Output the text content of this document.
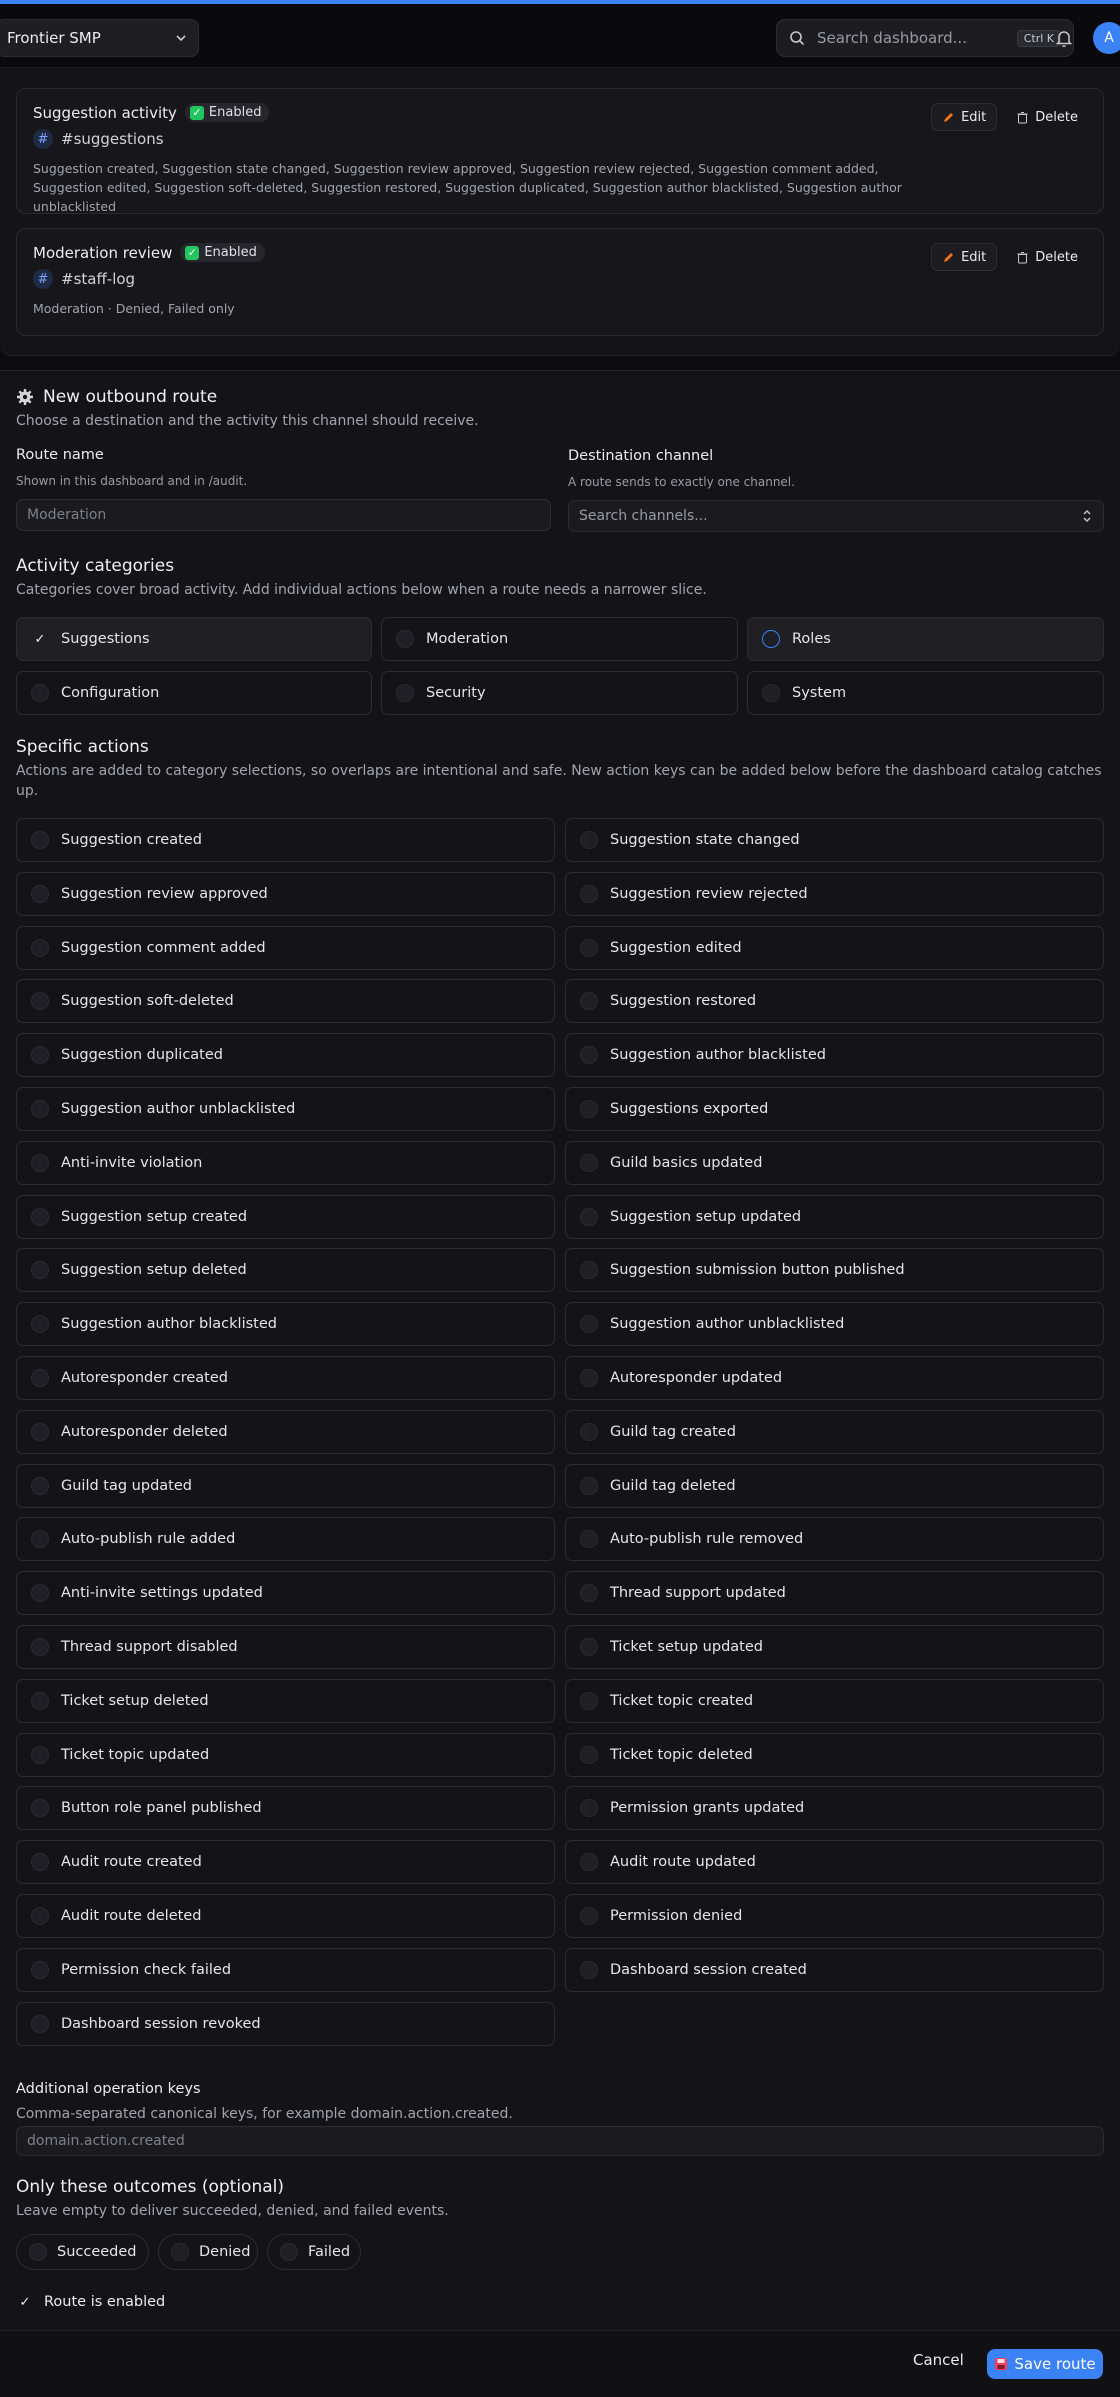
Frontier SMP	Search dashboard...	Ctrl K	A
Suggestion activity ✓ Enabled
# #suggestions
Suggestion created, Suggestion state changed, Suggestion review approved, Suggestion review rejected, Suggestion comment added, Suggestion edited, Suggestion soft-deleted, Suggestion restored, Suggestion duplicated, Suggestion author blacklisted, Suggestion author unblacklisted
Edit	Delete
Moderation review ✓ Enabled
# #staff-log
Moderation · Denied, Failed only
Edit	Delete
New outbound route
Choose a destination and the activity this channel should receive.
Route name
Shown in this dashboard and in /audit.
Moderation
Destination channel
A route sends to exactly one channel.
Search channels...
Activity categories
Categories cover broad activity. Add individual actions below when a route needs a narrower slice.
✓ Suggestions	Moderation	Roles
Configuration	Security	System
Specific actions
Actions are added to category selections, so overlaps are intentional and safe. New action keys can be added below before the dashboard catalog catches
up.
Suggestion created	Suggestion state changed
Suggestion review approved	Suggestion review rejected
Suggestion comment added	Suggestion edited
Suggestion soft-deleted	Suggestion restored
Suggestion duplicated	Suggestion author blacklisted
Suggestion author unblacklisted	Suggestions exported
Anti-invite violation	Guild basics updated
Suggestion setup created	Suggestion setup updated
Suggestion setup deleted	Suggestion submission button published
Suggestion author blacklisted	Suggestion author unblacklisted
Autoresponder created	Autoresponder updated
Autoresponder deleted	Guild tag created
Guild tag updated	Guild tag deleted
Auto-publish rule added	Auto-publish rule removed
Anti-invite settings updated	Thread support updated
Thread support disabled	Ticket setup updated
Ticket setup deleted	Ticket topic created
Ticket topic updated	Ticket topic deleted
Button role panel published	Permission grants updated
Audit route created	Audit route updated
Audit route deleted	Permission denied
Permission check failed	Dashboard session created
Dashboard session revoked
Additional operation keys
Comma-separated canonical keys, for example domain.action.created.
domain.action.created
Only these outcomes (optional)
Leave empty to deliver succeeded, denied, and failed events.
Succeeded	Denied	Failed
✓ Route is enabled
Cancel	Save route
